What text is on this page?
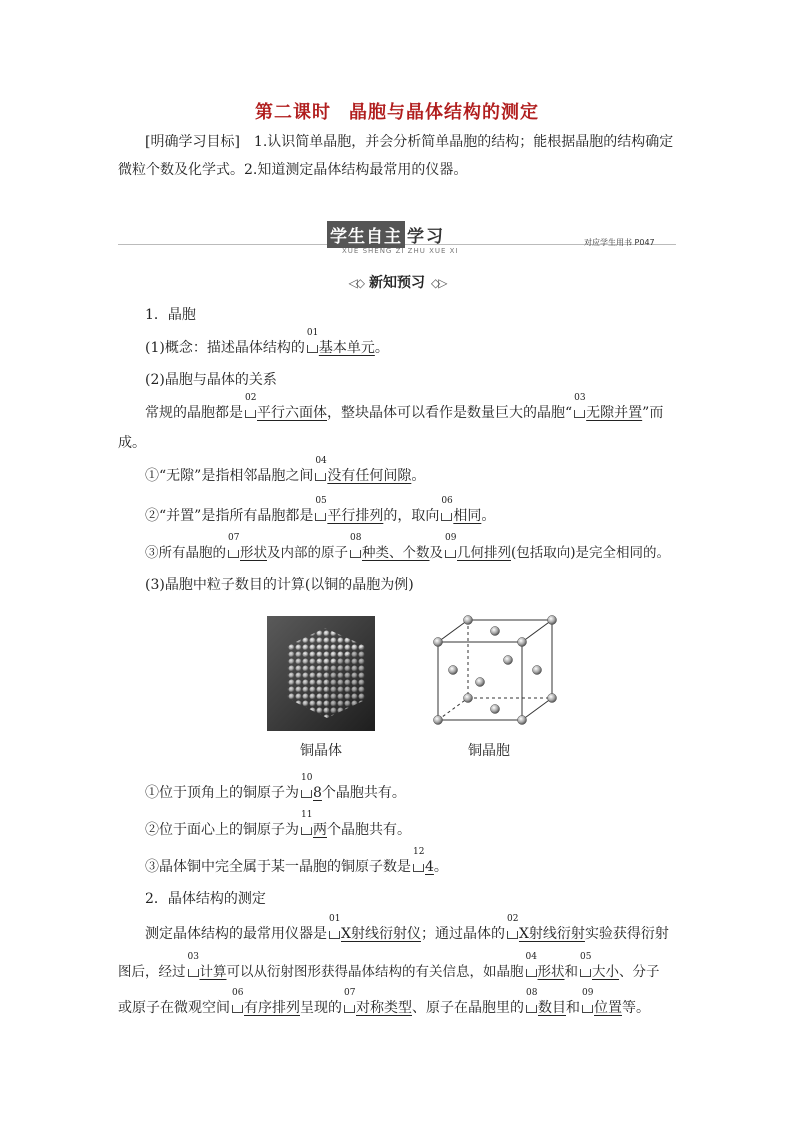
第二课时 晶胞与晶体结构的测定
[明确学习目标]　1.认识简单晶胞，并会分析简单晶胞的结构；能根据晶胞的结构确定
微粒个数及化学式。2.知道测定晶体结构最常用的仪器。
学生自主 学习
XUE SHENG ZI ZHU XUE XI
对应学生用书 P047
◁◇ 新知预习 ◇▷
1．晶胞
(1)概念：描述晶体结构的
01
基本单元。
(2)晶胞与晶体的关系
常规的晶胞都是
02
平行六面体，整块晶体可以看作是数量巨大的晶胞“
03
无隙并置”而
成。
①“无隙”是指相邻晶胞之间
04
没有任何间隙。
②“并置”是指所有晶胞都是
05
平行排列的，取向
06
相同。
③所有晶胞的
07
形状及内部的原子
08
种类、个数及
09
几何排列(包括取向)是完全相同的。
(3)晶胞中粒子数目的计算(以铜的晶胞为例)
铜晶体	铜晶胞
①位于顶角上的铜原子为
10
8个晶胞共有。
②位于面心上的铜原子为
11
两个晶胞共有。
③晶体铜中完全属于某一晶胞的铜原子数是
12
4。
2．晶体结构的测定
测定晶体结构的最常用仪器是
01
X射线衍射仪；通过晶体的
02
X射线衍射实验获得衍射
图后，经过
03
计算可以从衍射图形获得晶体结构的有关信息，如晶胞
04
形状和
05
大小、分子
或原子在微观空间
06
有序排列呈现的
07
对称类型、原子在晶胞里的
08
数目和
09
位置等。
